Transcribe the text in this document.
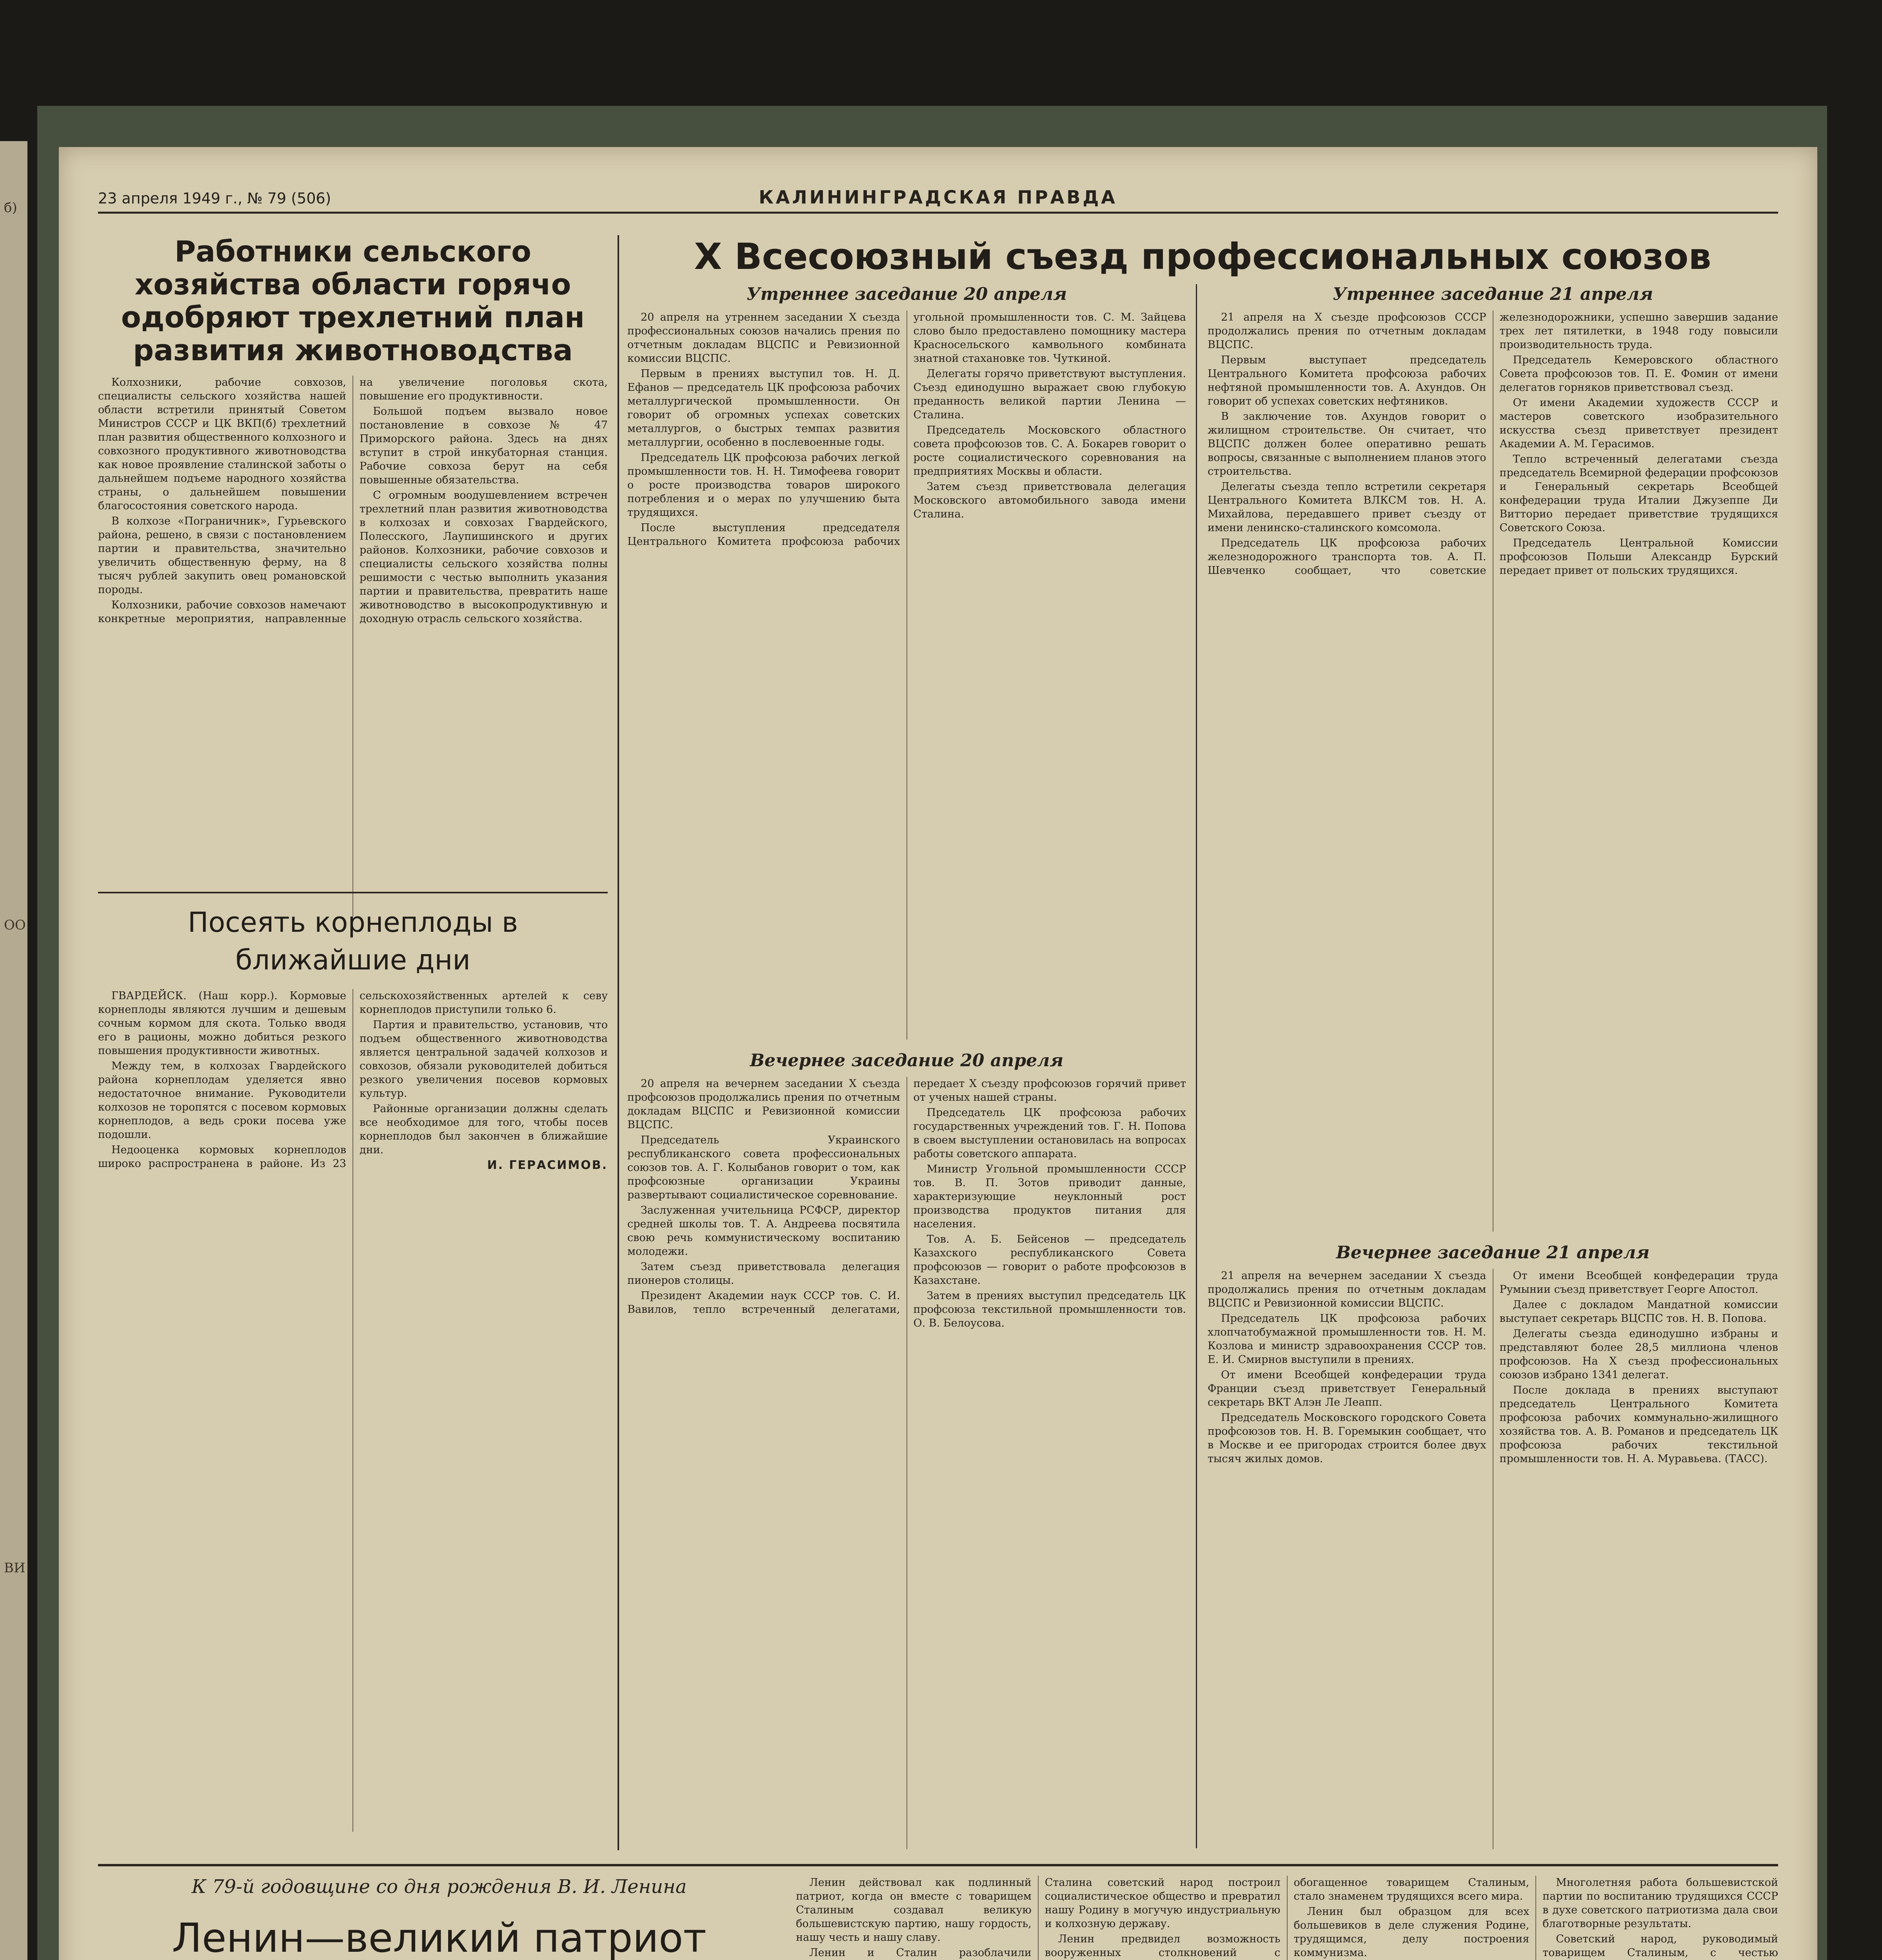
б)
ОО
ВИ
23 апреля 1949 г., № 79 (506)	КАЛИНИНГРАДСКАЯ ПРАВДА
Работники сельского хозяйства области горячо одобряют трехлетний план развития животноводства

Колхозники, рабочие совхозов, специалисты сельского хозяйства нашей области встретили принятый Советом Министров СССР и ЦК ВКП(б) трехлетний план развития общественного колхозного и совхозного продуктивного животноводства как новое проявление сталинской заботы о дальнейшем подъеме народного хозяйства страны, о дальнейшем повышении благосостояния советского народа.

В колхозе «Пограничник», Гурьевского района, решено, в связи с постановлением партии и правительства, значительно увеличить общественную ферму, на 8 тысяч рублей закупить овец романовской породы.

Колхозники, рабочие совхозов намечают конкретные мероприятия, направленные на увеличение поголовья скота, повышение его продуктивности.

Большой подъем вызвало новое постановление в совхозе № 47 Приморского района. Здесь на днях вступит в строй инкубаторная станция. Рабочие совхоза берут на себя повышенные обязательства.

С огромным воодушевлением встречен трехлетний план развития животноводства в колхозах и совхозах Гвардейского, Полесского, Лаупишинского и других районов. Колхозники, рабочие совхозов и специалисты сельского хозяйства полны решимости с честью выполнить указания партии и правительства, превратить наше животноводство в высокопродуктивную и доходную отрасль сельского хозяйства.

Посеять корнеплоды в ближайшие дни

ГВАРДЕЙСК. (Наш корр.). Кормовые корнеплоды являются лучшим и дешевым сочным кормом для скота. Только вводя его в рационы, можно добиться резкого повышения продуктивности животных.

Между тем, в колхозах Гвардейского района корнеплодам уделяется явно недостаточное внимание. Руководители колхозов не торопятся с посевом кормовых корнеплодов, а ведь сроки посева уже подошли.

Недооценка кормовых корнеплодов широко распространена в районе. Из 23 сельскохозяйственных артелей к севу корнеплодов приступили только 6.

Партия и правительство, установив, что подъем общественного животноводства является центральной задачей колхозов и совхозов, обязали руководителей добиться резкого увеличения посевов кормовых культур.

Районные организации должны сделать все необходимое для того, чтобы посев корнеплодов был закончен в ближайшие дни.

И. ГЕРАСИМОВ.
X Всесоюзный съезд профессиональных союзов
Утреннее заседание 20 апреля

20 апреля на утреннем заседании X съезда профессиональных союзов начались прения по отчетным докладам ВЦСПС и Ревизионной комиссии ВЦСПС.

Первым в прениях выступил тов. Н. Д. Ефанов — председатель ЦК профсоюза рабочих металлургической промышленности. Он говорит об огромных успехах советских металлургов, о быстрых темпах развития металлургии, особенно в послевоенные годы.

Председатель ЦК профсоюза рабочих легкой промышленности тов. Н. Н. Тимофеева говорит о росте производства товаров широкого потребления и о мерах по улучшению быта трудящихся.

После выступления председателя Центрального Комитета профсоюза рабочих угольной промышленности тов. С. М. Зайцева слово было предоставлено помощнику мастера Красносельского камвольного комбината знатной стахановке тов. Чуткиной.

Делегаты горячо приветствуют выступления. Съезд единодушно выражает свою глубокую преданность великой партии Ленина — Сталина.

Председатель Московского областного совета профсоюзов тов. С. А. Бокарев говорит о росте социалистического соревнования на предприятиях Москвы и области.

Затем съезд приветствовала делегация Московского автомобильного завода имени Сталина.

Вечернее заседание 20 апреля

20 апреля на вечернем заседании X съезда профсоюзов продолжались прения по отчетным докладам ВЦСПС и Ревизионной комиссии ВЦСПС.

Председатель Украинского республиканского совета профессиональных союзов тов. А. Г. Колыбанов говорит о том, как профсоюзные организации Украины развертывают социалистическое соревнование.

Заслуженная учительница РСФСР, директор средней школы тов. Т. А. Андреева посвятила свою речь коммунистическому воспитанию молодежи.

Затем съезд приветствовала делегация пионеров столицы.

Президент Академии наук СССР тов. С. И. Вавилов, тепло встреченный делегатами, передает X съезду профсоюзов горячий привет от ученых нашей страны.

Председатель ЦК профсоюза рабочих государственных учреждений тов. Г. Н. Попова в своем выступлении остановилась на вопросах работы советского аппарата.

Министр Угольной промышленности СССР тов. В. П. Зотов приводит данные, характеризующие неуклонный рост производства продуктов питания для населения.

Тов. А. Б. Бейсенов — председатель Казахского республиканского Совета профсоюзов — говорит о работе профсоюзов в Казахстане.

Затем в прениях выступил председатель ЦК профсоюза текстильной промышленности тов. О. В. Белоусова.

Утреннее заседание 21 апреля

21 апреля на X съезде профсоюзов СССР продолжались прения по отчетным докладам ВЦСПС.

Первым выступает председатель Центрального Комитета профсоюза рабочих нефтяной промышленности тов. А. Ахундов. Он говорит об успехах советских нефтяников.

В заключение тов. Ахундов говорит о жилищном строительстве. Он считает, что ВЦСПС должен более оперативно решать вопросы, связанные с выполнением планов этого строительства.

Делегаты съезда тепло встретили секретаря Центрального Комитета ВЛКСМ тов. Н. А. Михайлова, передавшего привет съезду от имени ленинско-сталинского комсомола.

Председатель ЦК профсоюза рабочих железнодорожного транспорта тов. А. П. Шевченко сообщает, что советские железнодорожники, успешно завершив задание трех лет пятилетки, в 1948 году повысили производительность труда.

Председатель Кемеровского областного Совета профсоюзов тов. П. Е. Фомин от имени делегатов горняков приветствовал съезд.

От имени Академии художеств СССР и мастеров советского изобразительного искусства съезд приветствует президент Академии А. М. Герасимов.

Тепло встреченный делегатами съезда председатель Всемирной федерации профсоюзов и Генеральный секретарь Всеобщей конфедерации труда Италии Джузеппе Ди Витторио передает приветствие трудящихся Советского Союза.

Председатель Центральной Комиссии профсоюзов Польши Александр Бурский передает привет от польских трудящихся.

Вечернее заседание 21 апреля

21 апреля на вечернем заседании X съезда продолжались прения по отчетным докладам ВЦСПС и Ревизионной комиссии ВЦСПС.

Председатель ЦК профсоюза рабочих хлопчатобумажной промышленности тов. Н. М. Козлова и министр здравоохранения СССР тов. Е. И. Смирнов выступили в прениях.

От имени Всеобщей конфедерации труда Франции съезд приветствует Генеральный секретарь ВКТ Алэн Ле Леапп.

Председатель Московского городского Совета профсоюзов тов. Н. В. Горемыкин сообщает, что в Москве и ее пригородах строится более двух тысяч жилых домов.

От имени Всеобщей конфедерации труда Румынии съезд приветствует Георге Апостол.

Далее с докладом Мандатной комиссии выступает секретарь ВЦСПС тов. Н. В. Попова.

Делегаты съезда единодушно избраны и представляют более 28,5 миллиона членов профсоюзов. На X съезд профессиональных союзов избрано 1341 делегат.

После доклада в прениях выступают председатель Центрального Комитета профсоюза рабочих коммунально-жилищного хозяйства тов. А. В. Романов и председатель ЦК профсоюза рабочих текстильной промышленности тов. Н. А. Муравьева. (ТАСС).

К 79-й годовщине со дня рождения В. И. Ленина
Ленин—великий патриот

Ленин действовал как подлинный патриот, когда он вместе с товарищем Сталиным создавал великую большевистскую партию, нашу гордость, нашу честь и нашу славу.

Ленин и Сталин разоблачили

Сталина советский народ построил социалистическое общество и превратил нашу Родину в могучую индустриальную и колхозную державу.

Ленин предвидел возможность вооруженных столкновений с

обогащенное товарищем Сталиным, стало знаменем трудящихся всего мира.

Ленин был образцом для всех большевиков в деле служения Родине, трудящимся, делу построения коммунизма.

Многолетняя работа большевистской партии по воспитанию трудящихся СССР в духе советского патриотизма дала свои благотворные результаты.

Советский народ, руководимый товарищем Сталиным, с честью
